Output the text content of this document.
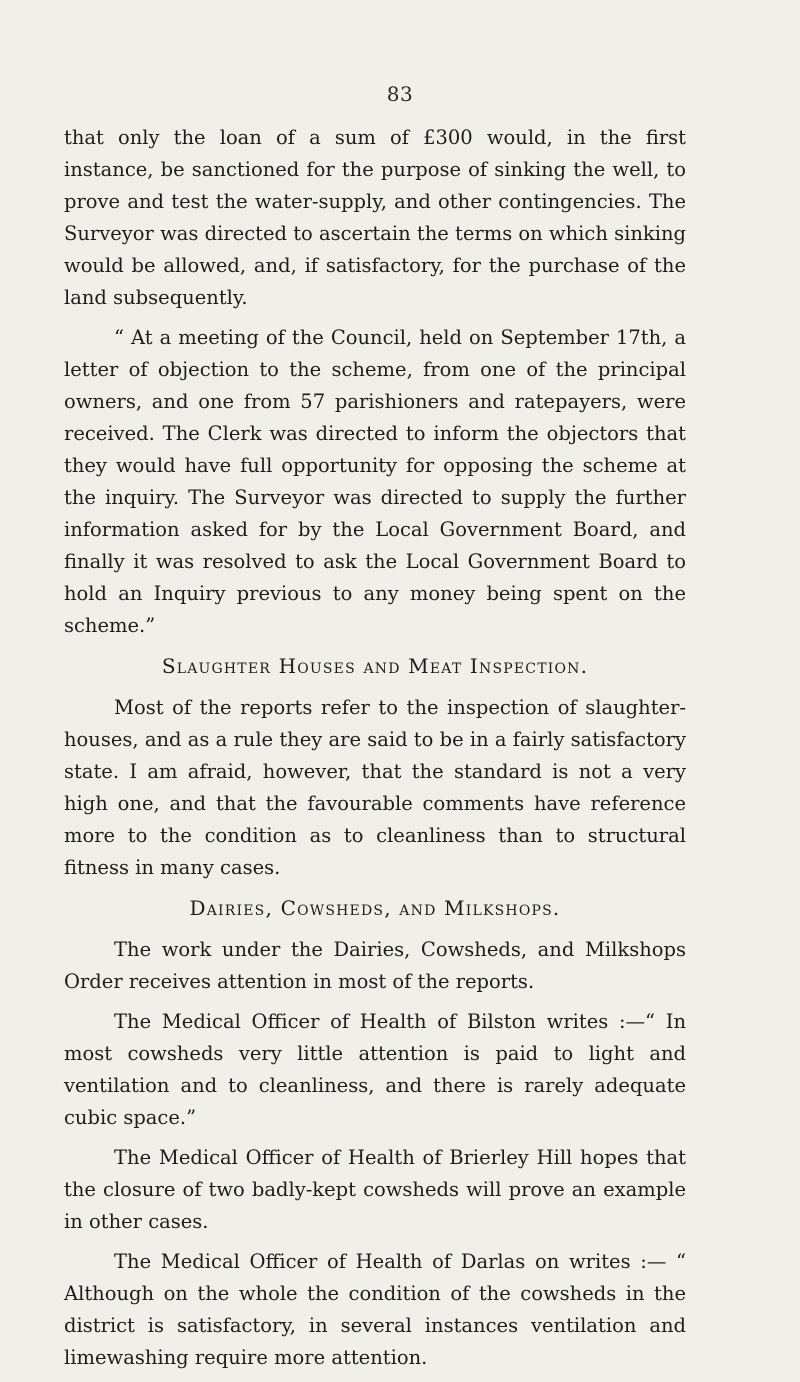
83

that only the loan of a sum of £300 would, in the first instance, be sanctioned for the purpose of sinking the well, to prove and test the water-supply, and other contingencies. The Surveyor was directed to ascertain the terms on which sinking would be allowed, and, if satisfactory, for the purchase of the land subsequently.

“ At a meeting of the Council, held on September 17th, a letter of objection to the scheme, from one of the principal owners, and one from 57 parishioners and ratepayers, were received. The Clerk was directed to inform the objectors that they would have full opportunity for opposing the scheme at the inquiry. The Surveyor was directed to supply the further information asked for by the Local Government Board, and finally it was resolved to ask the Local Government Board to hold an Inquiry previous to any money being spent on the scheme.”

Slaughter Houses and Meat Inspection.

Most of the reports refer to the inspection of slaughter-houses, and as a rule they are said to be in a fairly satisfactory state. I am afraid, however, that the standard is not a very high one, and that the favourable comments have reference more to the condition as to cleanliness than to structural fitness in many cases.

Dairies, Cowsheds, and Milkshops.

The work under the Dairies, Cowsheds, and Milkshops Order receives attention in most of the reports.

The Medical Officer of Health of Bilston writes :—“ In most cowsheds very little attention is paid to light and ventilation and to cleanliness, and there is rarely adequate cubic space.”

The Medical Officer of Health of Brierley Hill hopes that the closure of two badly-kept cowsheds will prove an example in other cases.

The Medical Officer of Health of Darlas on writes :— “ Although on the whole the condition of the cowsheds in the district is satisfactory, in several instances ventilation and limewashing require more attention.
